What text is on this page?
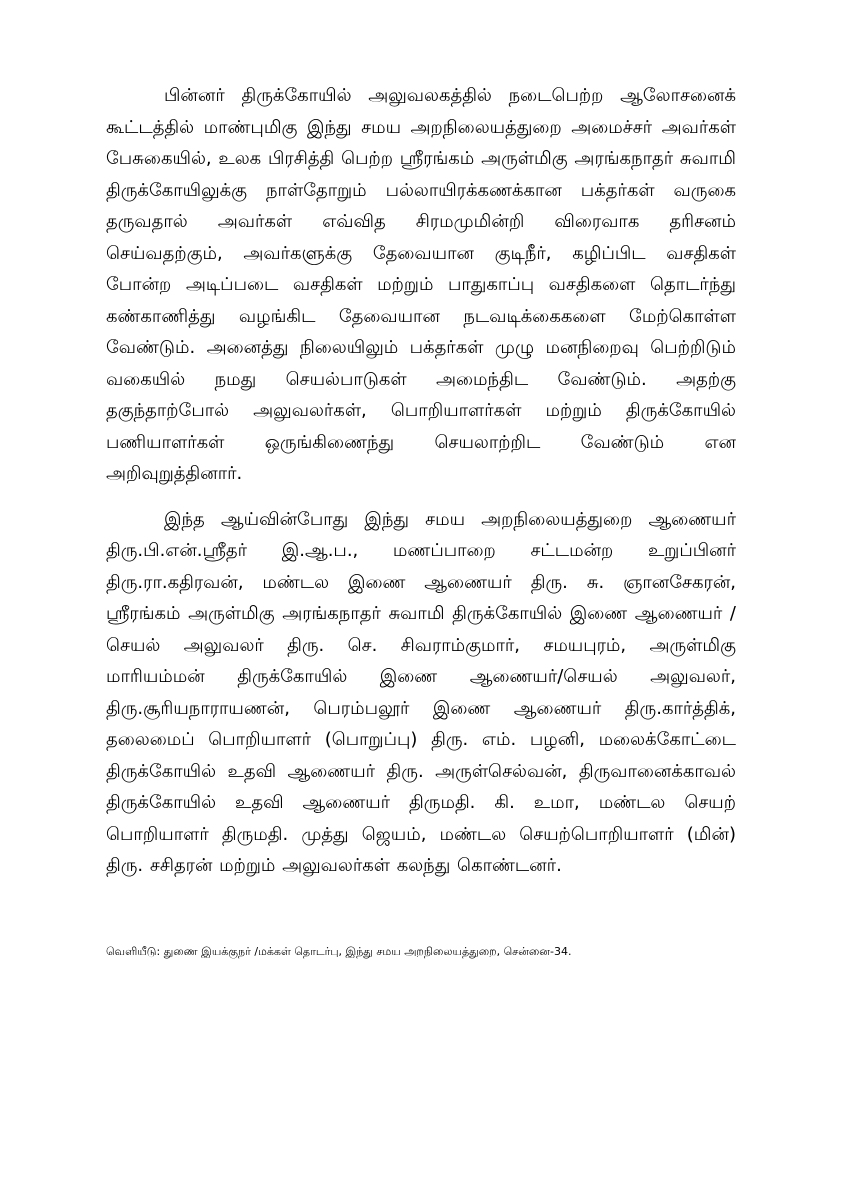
பின்னர் திருக்கோயில் அலுவலகத்தில் நடைபெற்ற ஆலோசனைக் கூட்டத்தில் மாண்புமிகு இந்து சமய அறநிலையத்துறை அமைச்சர் அவர்கள் பேசுகையில், உலக பிரசித்தி பெற்ற ஸ்ரீரங்கம் அருள்மிகு அரங்கநாதர் சுவாமி திருக்கோயிலுக்கு நாள்தோறும் பல்லாயிரக்கணக்கான பக்தர்கள் வருகை தருவதால் அவர்கள் எவ்வித சிரமமுமின்றி விரைவாக தரிசனம் செய்வதற்கும், அவர்களுக்கு தேவையான குடிநீர், கழிப்பிட வசதிகள் போன்ற அடிப்படை வசதிகள் மற்றும் பாதுகாப்பு வசதிகளை தொடர்ந்து கண்காணித்து வழங்கிட தேவையான நடவடிக்கைகளை மேற்கொள்ள வேண்டும். அனைத்து நிலையிலும் பக்தர்கள் முழு மனநிறைவு பெற்றிடும் வகையில் நமது செயல்பாடுகள் அமைந்திட வேண்டும். அதற்கு தகுந்தாற்போல் அலுவலர்கள், பொறியாளர்கள் மற்றும் திருக்கோயில் பணியாளர்கள் ஒருங்கிணைந்து செயலாற்றிட வேண்டும் என அறிவுறுத்தினார்.

இந்த ஆய்வின்போது இந்து சமய அறநிலையத்துறை ஆணையர் திரு.பி.என்.ஸ்ரீதர் இ.ஆ.ப., மணப்பாறை சட்டமன்ற உறுப்பினர் திரு.ரா.கதிரவன், மண்டல இணை ஆணையர் திரு. சு. ஞானசேகரன், ஸ்ரீரங்கம் அருள்மிகு அரங்கநாதர் சுவாமி திருக்கோயில் இணை ஆணையர் / செயல் அலுவலர் திரு. செ. சிவராம்குமார், சமயபுரம், அருள்மிகு மாரியம்மன் திருக்கோயில் இணை ஆணையர்/செயல் அலுவலர், திரு.சூரியநாராயணன், பெரம்பலூர் இணை ஆணையர் திரு.கார்த்திக், தலைமைப் பொறியாளர் (பொறுப்பு) திரு. எம். பழனி, மலைக்கோட்டை திருக்கோயில் உதவி ஆணையர் திரு. அருள்செல்வன், திருவானைக்காவல் திருக்கோயில் உதவி ஆணையர் திருமதி. கி. உமா, மண்டல செயற் பொறியாளர் திருமதி. முத்து ஜெயம், மண்டல செயற்பொறியாளர் (மின்) திரு. சசிதரன் மற்றும் அலுவலர்கள் கலந்து கொண்டனர்.

வெளியீடு: துணை இயக்குநர் /மக்கள் தொடர்பு, இந்து சமய அறநிலையத்துறை, சென்னை-34.
